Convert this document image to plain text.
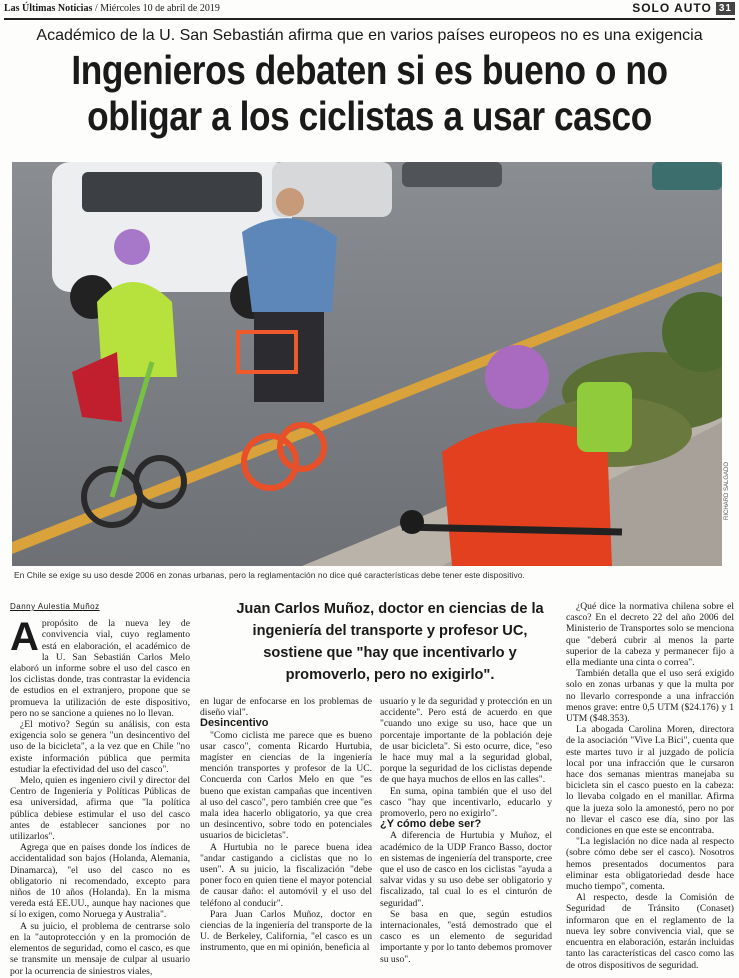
Las Últimas Noticias / Miércoles 10 de abril de 2019	SOLO AUTO 31
Académico de la U. San Sebastián afirma que en varios países europeos no es una exigencia
Ingenieros debaten si es bueno o no obligar a los ciclistas a usar casco
En Chile se exige su uso desde 2006 en zonas urbanas, pero la reglamentación no dice qué características debe tener este dispositivo.
RICHARD SALGADO
Danny Aulestia Muñoz

Apropósito de la nueva ley de convivencia vial, cuyo reglamento está en elaboración, el académico de la U. San Sebastián Carlos Melo elaboró un informe sobre el uso del casco en los ciclistas donde, tras contrastar la evidencia de estudios en el extranjero, propone que se promueva la utilización de este dispositivo, pero no se sancione a quienes no lo llevan.

¿El motivo? Según su análisis, con esta exigencia solo se genera "un desincentivo del uso de la bicicleta", a la vez que en Chile "no existe información pública que permita estudiar la efectividad del uso del casco".

Melo, quien es ingeniero civil y director del Centro de Ingeniería y Políticas Públicas de esa universidad, afirma que "la política pública debiese estimular el uso del casco antes de establecer sanciones por no utilizarlos".

Agrega que en países donde los índices de accidentalidad son bajos (Holanda, Alemania, Dinamarca), "el uso del casco no es obligatorio ni recomendado, excepto para niños de 10 años (Holanda). En la misma vereda está EE.UU., aunque hay naciones que sí lo exigen, como Noruega y Australia".

A su juicio, el problema de centrarse solo en la "autoprotección y en la promoción de elementos de seguridad, como el casco, es que se transmite un mensaje de culpar al usuario por la ocurrencia de siniestros viales,

Juan Carlos Muñoz, doctor en ciencias de la ingeniería del transporte y profesor UC, sostiene que "hay que incentivarlo y promoverlo, pero no exigirlo".

en lugar de enfocarse en los problemas de diseño vial".

Desincentivo

"Como ciclista me parece que es bueno usar casco", comenta Ricardo Hurtubia, magíster en ciencias de la ingeniería mención transportes y profesor de la UC. Concuerda con Carlos Melo en que "es bueno que existan campañas que incentiven al uso del casco", pero también cree que "es mala idea hacerlo obligatorio, ya que crea un desincentivo, sobre todo en potenciales usuarios de bicicletas".

A Hurtubia no le parece buena idea "andar castigando a ciclistas que no lo usen". A su juicio, la fiscalización "debe poner foco en quien tiene el mayor potencial de causar daño: el automóvil y el uso del teléfono al conducir".

Para Juan Carlos Muñoz, doctor en ciencias de la ingeniería del transporte de la U. de Berkeley, California, "el casco es un instrumento, que en mi opinión, beneficia al

usuario y le da seguridad y protección en un accidente". Pero está de acuerdo en que "cuando uno exige su uso, hace que un porcentaje importante de la población deje de usar bicicleta". Si esto ocurre, dice, "eso le hace muy mal a la seguridad global, porque la seguridad de los ciclistas depende de que haya muchos de ellos en las calles".

En suma, opina también que el uso del casco "hay que incentivarlo, educarlo y promoverlo, pero no exigirlo".

¿Y cómo debe ser?

A diferencia de Hurtubia y Muñoz, el académico de la UDP Franco Basso, doctor en sistemas de ingeniería del transporte, cree que el uso de casco en los ciclistas "ayuda a salvar vidas y su uso debe ser obligatorio y fiscalizado, tal cual lo es el cinturón de seguridad".

Se basa en que, según estudios internacionales, "está demostrado que el casco es un elemento de seguridad importante y por lo tanto debemos promover su uso".

¿Qué dice la normativa chilena sobre el casco? En el decreto 22 del año 2006 del Ministerio de Transportes solo se menciona que "deberá cubrir al menos la parte superior de la cabeza y permanecer fijo a ella mediante una cinta o correa".

También detalla que el uso será exigido solo en zonas urbanas y que la multa por no llevarlo corresponde a una infracción menos grave: entre 0,5 UTM ($24.176) y 1 UTM ($48.353).

La abogada Carolina Moren, directora de la asociación "Vive La Bici", cuenta que este martes tuvo ir al juzgado de policía local por una infracción que le cursaron hace dos semanas mientras manejaba su bicicleta sin el casco puesto en la cabeza: lo llevaba colgado en el manillar. Afirma que la jueza solo la amonestó, pero no por no llevar el casco ese día, sino por las condiciones en que este se encontraba.

"La legislación no dice nada al respecto (sobre cómo debe ser el casco). Nosotros hemos presentados documentos para eliminar esta obligatoriedad desde hace mucho tiempo", comenta.

Al respecto, desde la Comisión de Seguridad de Tránsito (Conaset) informaron que en el reglamento de la nueva ley sobre convivencia vial, que se encuentra en elaboración, estarán incluidas tanto las características del casco como las de otros dispositivos de seguridad.
